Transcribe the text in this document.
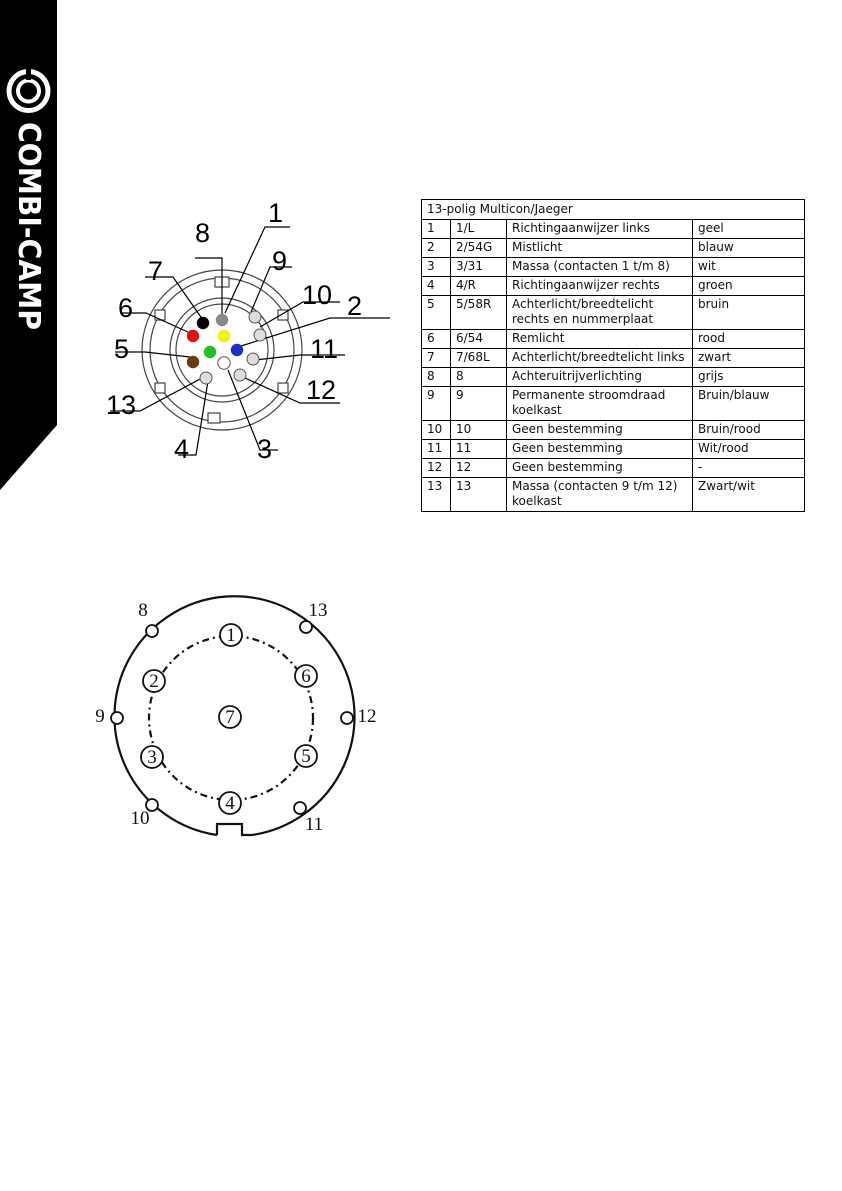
COMBI-CAMP	1
2
3
4
5
6
7
8
9
10
11
12
13
13-polig Multicon/Jaeger			
1	1/L	Richtingaanwijzer links	geel
2	2/54G	Mistlicht	blauw
3	3/31	Massa (contacten 1 t/m 8)	wit
4	4/R	Richtingaanwijzer rechts	groen
5	5/58R	Achterlicht/breedtelicht rechts en nummerplaat	bruin
6	6/54	Remlicht	rood
7	7/68L	Achterlicht/breedtelicht links	zwart
8	8	Achteruitrijverlichting	grijs
9	9	Permanente stroomdraad koelkast	Bruin/blauw
10	10	Geen bestemming	Bruin/rood
11	11	Geen bestemming	Wit/rood
12	12	Geen bestemming	-
13	13	Massa (contacten 9 t/m 12) koelkast	Zwart/wit
1
2
3
4
5
6
7
8
9
10	11
12
13
